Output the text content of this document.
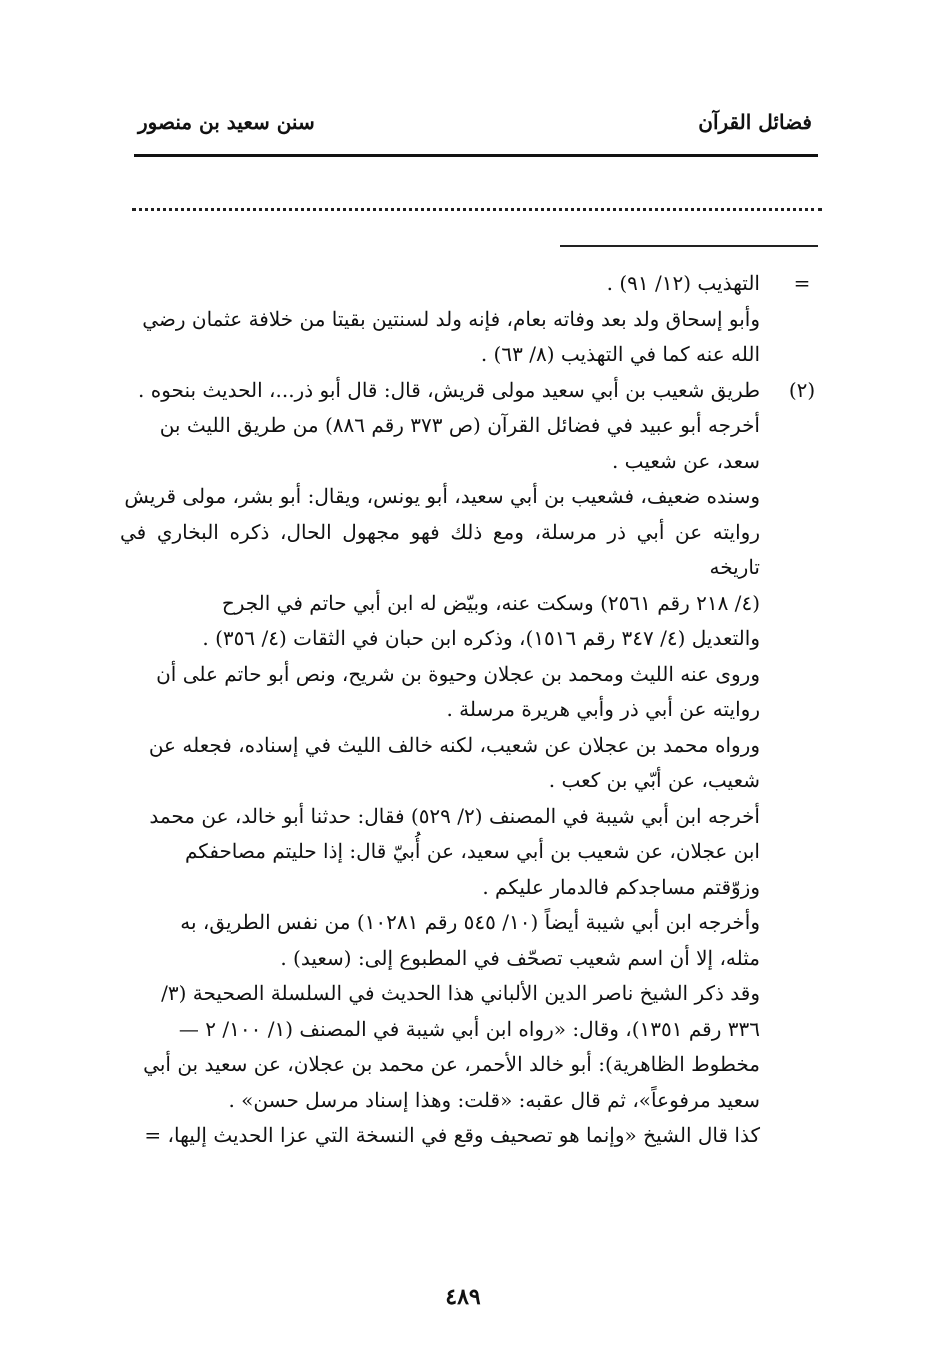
فضائل القرآن
سنن سعيد بن منصور
=
التهذيب (١٢/ ٩١) .
وأبو إسحاق ولد بعد وفاته بعام، فإنه ولد لسنتين بقيتا من خلافة عثمان رضي
الله عنه كما في التهذيب (٨/ ٦٣) .
(٢)
طريق شعيب بن أبي سعيد مولى قريش، قال: قال أبو ذر...، الحديث بنحوه .
أخرجه أبو عبيد في فضائل القرآن (ص ٣٧٣ رقم ٨٨٦) من طريق الليث بن
سعد، عن شعيب .
وسنده ضعيف، فشعيب بن أبي سعيد، أبو يونس، ويقال: أبو بشر، مولى قريش
روايته عن أبي ذر مرسلة، ومع ذلك فهو مجهول الحال، ذكره البخاري في تاريخه
(٤/ ٢١٨ رقم ٢٥٦١) وسكت عنه، وبيّض له ابن أبي حاتم في الجرح
والتعديل (٤/ ٣٤٧ رقم ١٥١٦)، وذكره ابن حبان في الثقات (٤/ ٣٥٦) .
وروى عنه الليث ومحمد بن عجلان وحيوة بن شريح، ونص أبو حاتم على أن
روايته عن أبي ذر وأبي هريرة مرسلة .
ورواه محمد بن عجلان عن شعيب، لكنه خالف الليث في إسناده، فجعله عن
شعيب، عن أبّي بن كعب .
أخرجه ابن أبي شيبة في المصنف (٢/ ٥٢٩) فقال: حدثنا أبو خالد، عن محمد
ابن عجلان، عن شعيب بن أبي سعيد، عن أُبيّ قال: إذا حليتم مصاحفكم
وزوّقتم مساجدكم فالدمار عليكم .
وأخرجه ابن أبي شيبة أيضاً (١٠/ ٥٤٥ رقم ١٠٢٨١) من نفس الطريق، به
مثله، إلا أن اسم شعيب تصحّف في المطبوع إلى: (سعيد) .
وقد ذكر الشيخ ناصر الدين الألباني هذا الحديث في السلسلة الصحيحة (٣/
٣٣٦ رقم ١٣٥١)، وقال: «رواه ابن أبي شيبة في المصنف (١/ ١٠٠/ ٢ —
مخطوط الظاهرية): أبو خالد الأحمر، عن محمد بن عجلان، عن سعيد بن أبي
سعيد مرفوعاً»، ثم قال عقبه: «قلت: وهذا إسناد مرسل حسن» .
كذا قال الشيخ «وإنما هو تصحيف وقع في النسخة التي عزا الحديث إليها، =
٤٨٩
